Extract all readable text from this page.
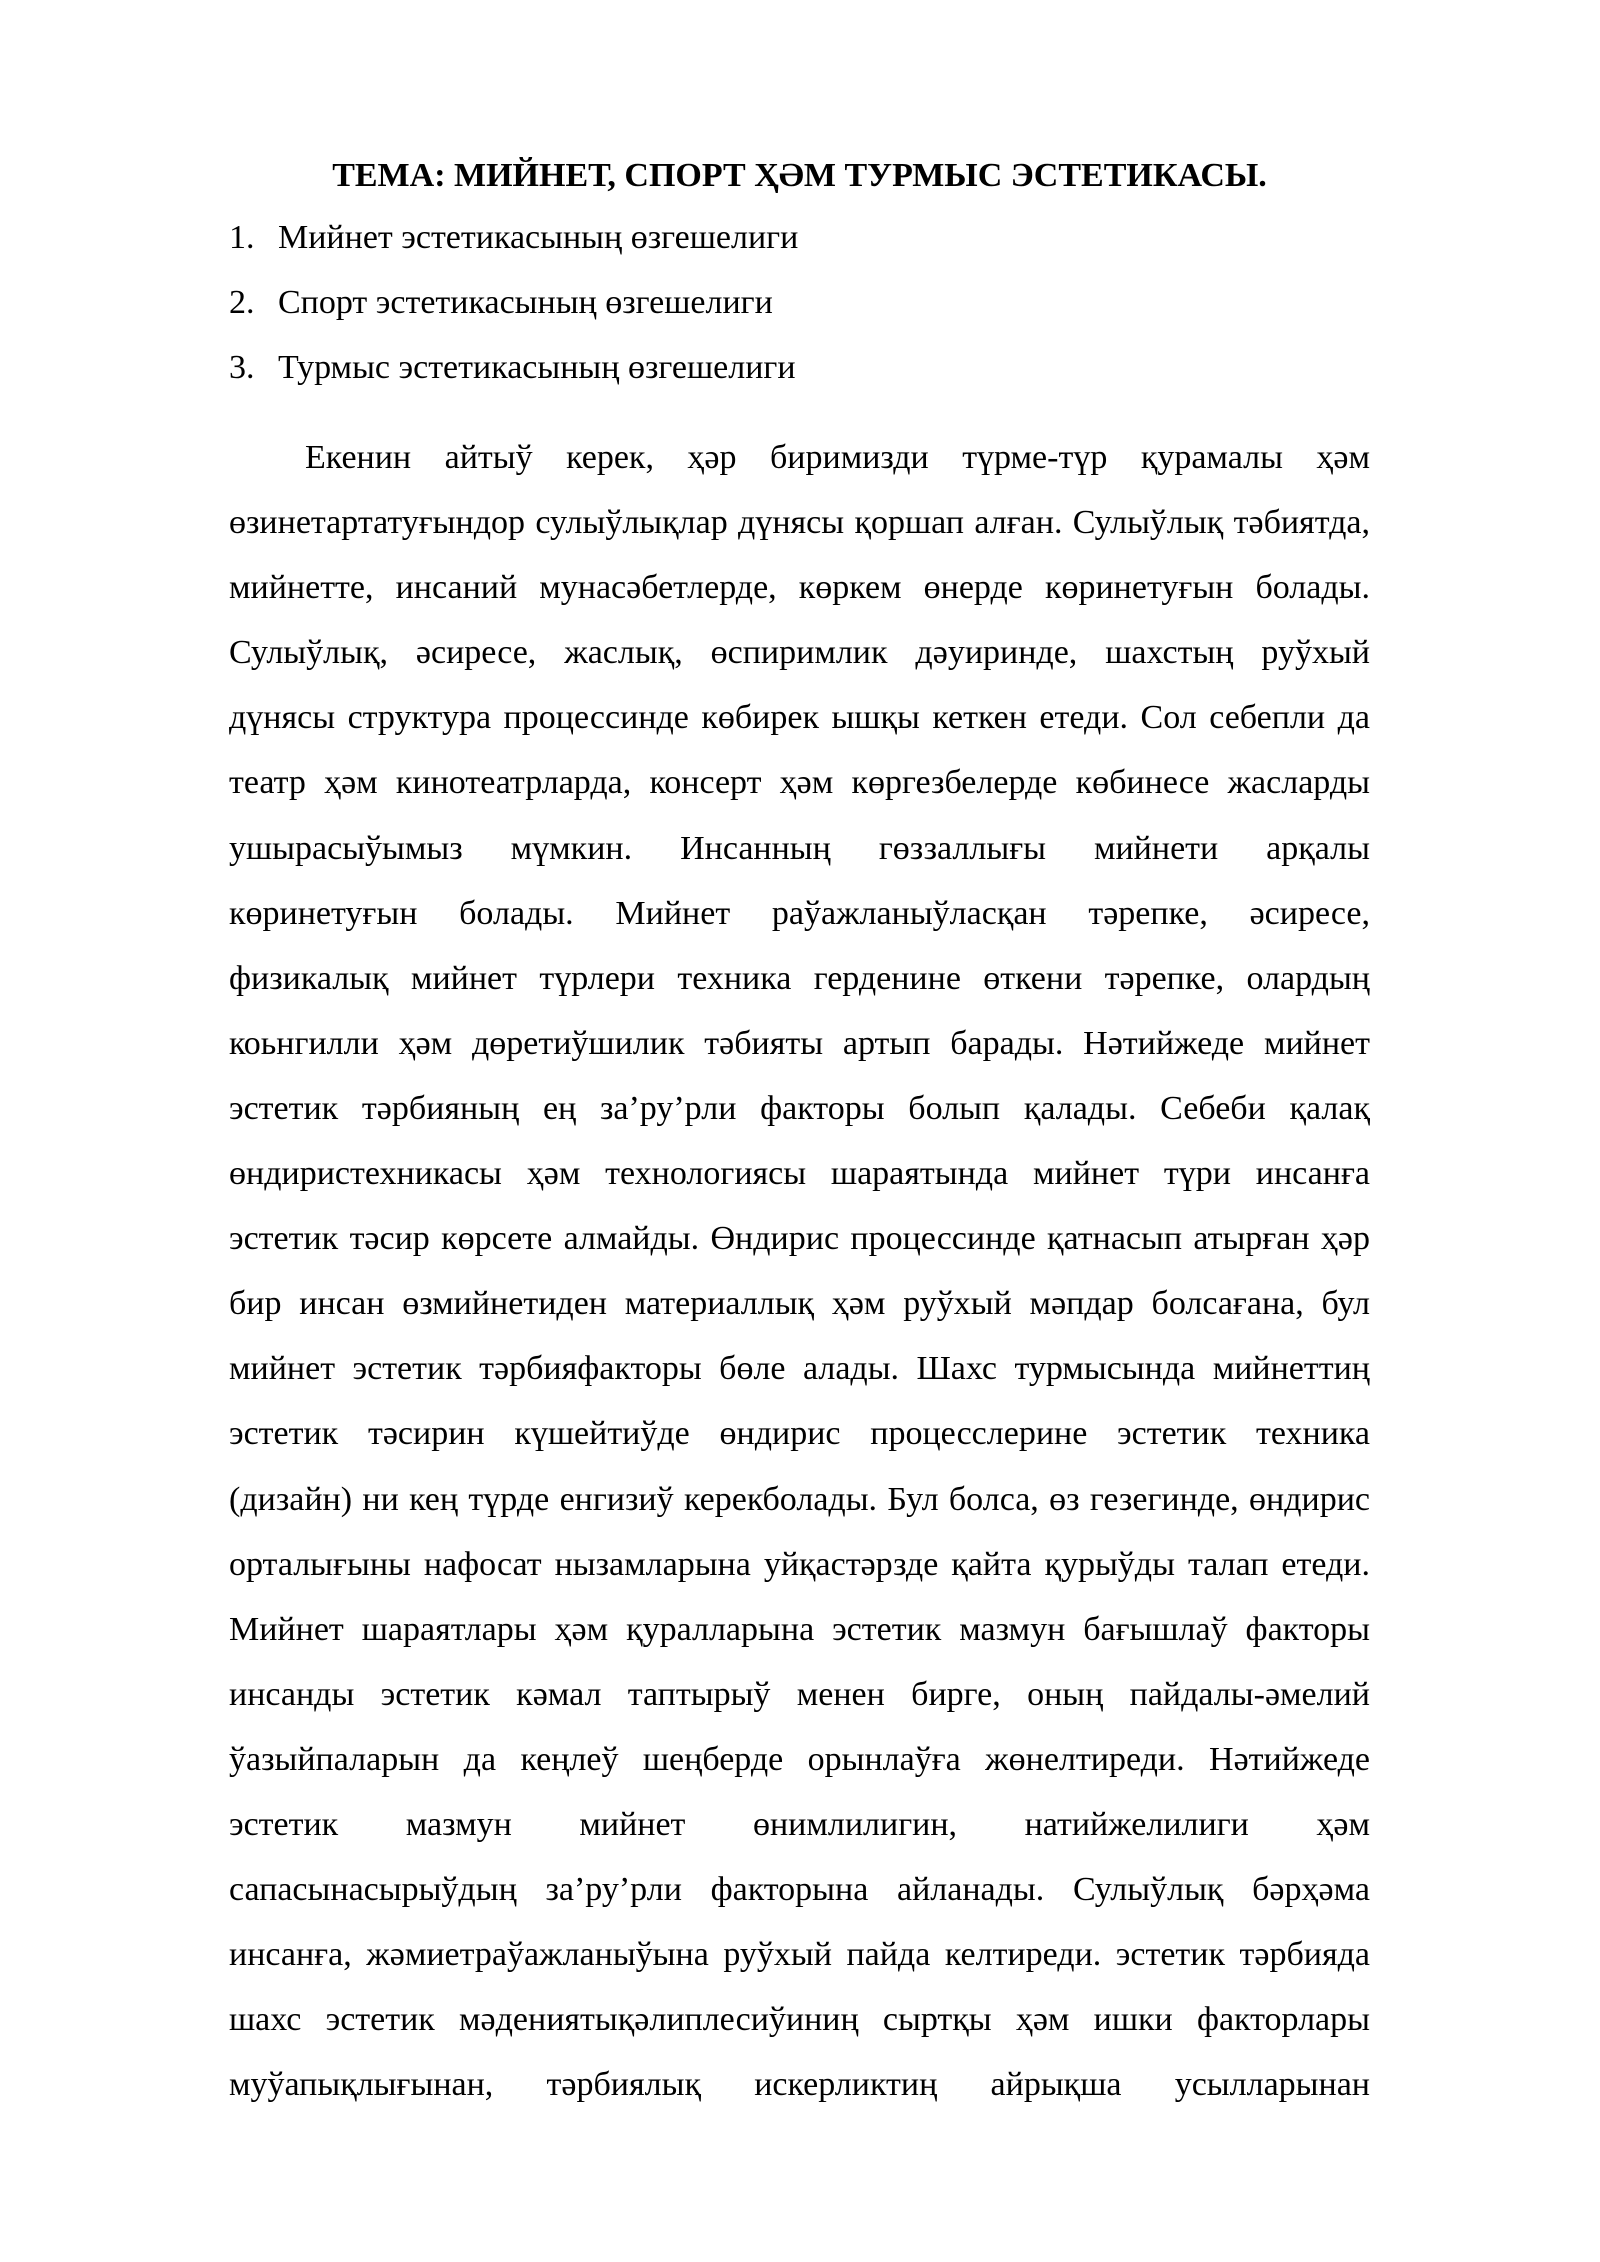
ТЕМА: МИЙНЕТ, СПОРТ ҲӘМ ТУРМЫС ЭСТЕТИКАСЫ.
1. Мийнет эстетикасының өзгешелиги
2. Спорт эстетикасының өзгешелиги
3. Турмыс эстетикасының өзгешелиги
Екенин айтыў керек, ҳәр биримизди түрме-түр қурамалы ҳәм
өзинетартатуғындор сулыўлықлар дүнясы қоршап алған. Сулыўлық тәбиятда,
мийнетте, инсаний мунасәбетлерде, көркем өнерде көринетуғын болады.
Сулыўлық, әсиресе, жаслық, өспиримлик дәуиринде, шахстың руўхый
дүнясы структура процессинде көбирек ышқы кеткен етеди. Сол себепли да
театр ҳәм кинотеатрларда, консерт ҳәм көргезбелерде көбинесе жасларды
ушырасыўымыз мүмкин. Инсанның гөззаллығы мийнети арқалы
көринетуғын болады. Мийнет раўажланыўласқан тәрепке, әсиресе,
физикалық мийнет түрлери техника герденине өткени тәрепке, олардың
коьнгилли ҳәм дөретиўшилик тәбияты артып барады. Нәтийжеде мийнет
эстетик тәрбияның ең за’ру’рли факторы болып қалады. Себеби қалақ
өндиристехникасы ҳәм технологиясы шараятында мийнет түри инсанға
эстетик тәсир көрсете алмайды. Өндирис процессинде қатнасып атырған ҳәр
бир инсан өзмийнетиден материаллық ҳәм руўхый мәпдар болсағана, бул
мийнет эстетик тәрбияфакторы бөле алады. Шахс турмысында мийнеттиң
эстетик тәсирин күшейтиўде өндирис процесслерине эстетик техника
(дизайн) ни кең түрде енгизиў керекболады. Бул болса, өз гезегинде, өндирис
орталығыны нафосат нызамларына уйқастәрзде қайта қурыўды талап етеди.
Мийнет шараятлары ҳәм қуралларына эстетик мазмун бағышлаў факторы
инсанды эстетик кәмал таптырыў менен бирге, оның пайдалы-әмелий
ўазыйпаларын да кеңлеў шеңберде орынлаўға жөнелтиреди. Нәтийжеде
эстетик мазмун мийнет өнимлилигин, натийжелилиги ҳәм
сапасынасырыўдың за’ру’рли факторына айланады. Сулыўлық бәрҳәма
инсанға, жәмиетраўажланыўына руўхый пайда келтиреди. эстетик тәрбияда
шахс эстетик мәдениятықәлиплесиўиниң сыртқы ҳәм ишки факторлары
муўапықлығынан, тәрбиялық искерликтиң айрықша усылларынан
